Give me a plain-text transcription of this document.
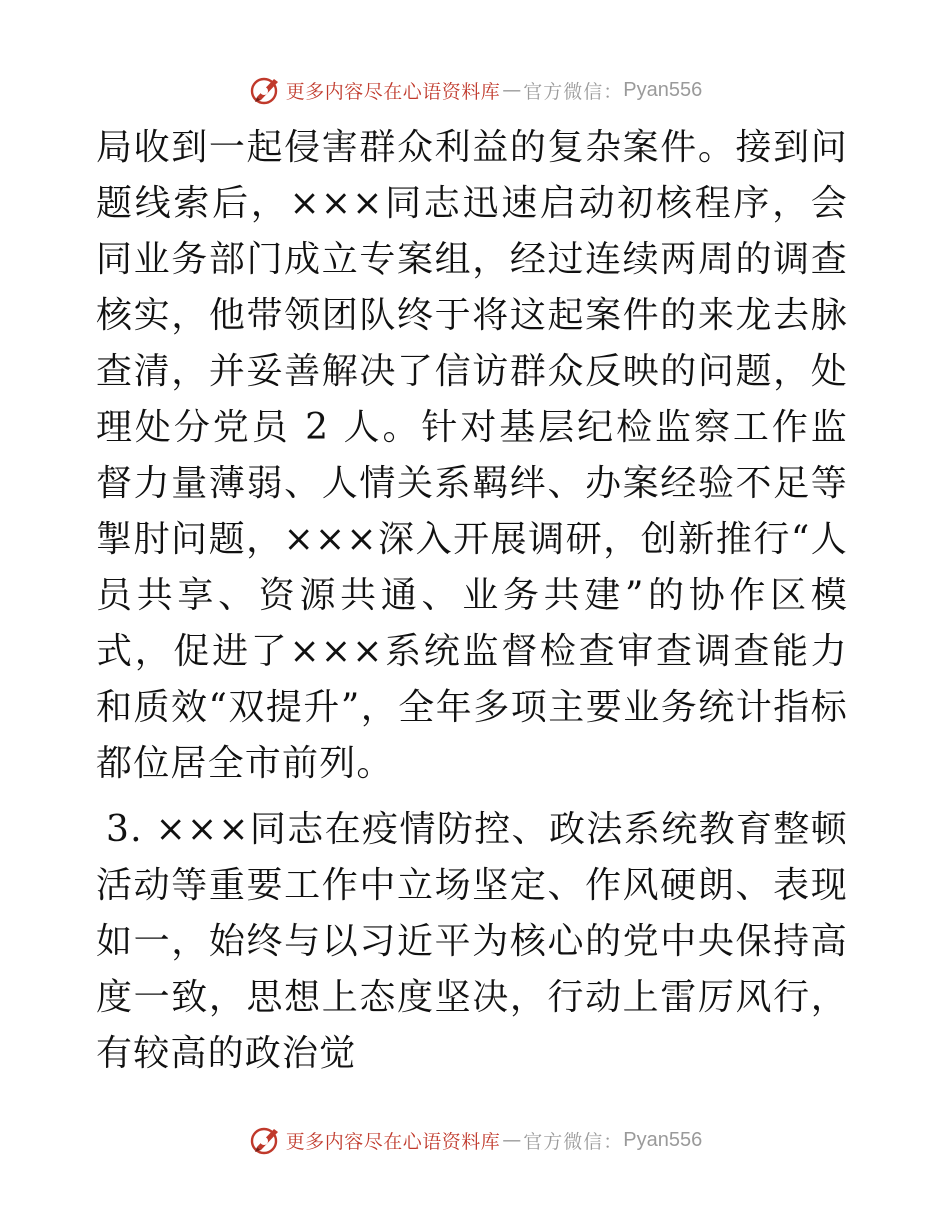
更多内容尽在心语资料库 — 官方微信： Pyan556

局收到一起侵害群众利益的复杂案件。接到问题线索后，×××同志迅速启动初核程序，会同业务部门成立专案组，经过连续两周的调查核实，他带领团队终于将这起案件的来龙去脉查清，并妥善解决了信访群众反映的问题，处理处分党员 2 人。针对基层纪检监察工作监督力量薄弱、人情关系羁绊、办案经验不足等掣肘问题，×××深入开展调研，创新推行“人员共享、资源共通、业务共建”的协作区模式，促进了×××系统监督检查审查调查能力和质效“双提升”，全年多项主要业务统计指标都位居全市前列。

3. ×××同志在疫情防控、政法系统教育整顿活动等重要工作中立场坚定、作风硬朗、表现如一，始终与以习近平为核心的党中央保持高度一致，思想上态度坚决，行动上雷厉风行，有较高的政治觉

更多内容尽在心语资料库 — 官方微信： Pyan556
